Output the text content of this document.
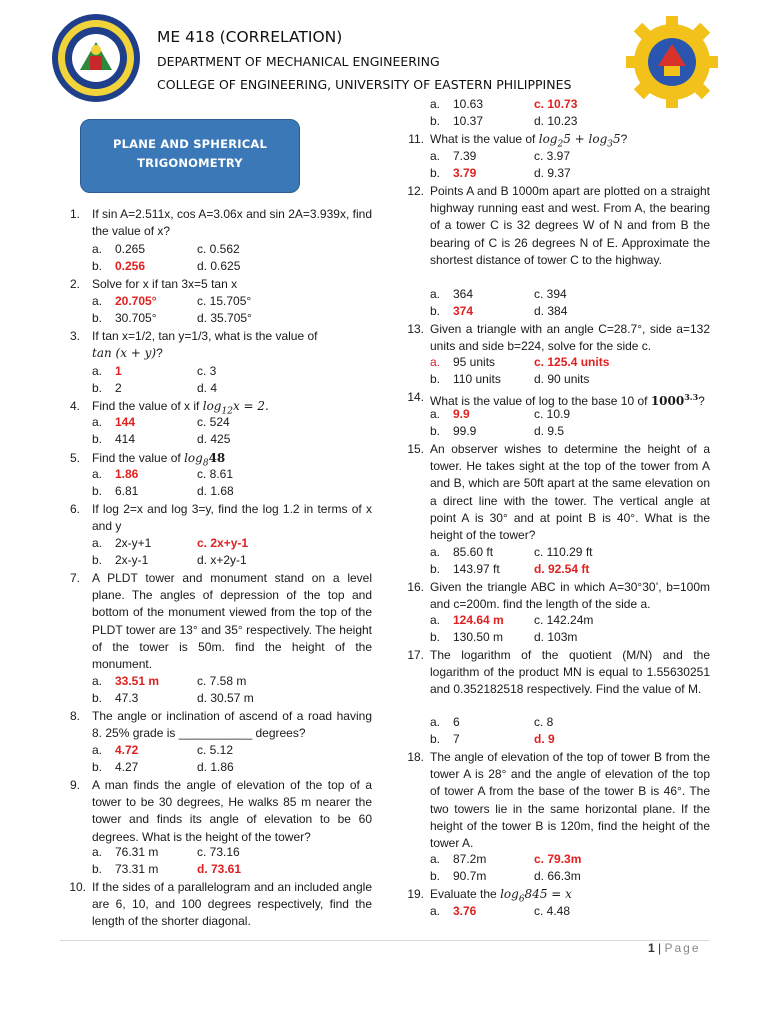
ME 418 (CORRELATION)
DEPARTMENT OF MECHANICAL ENGINEERING
COLLEGE OF ENGINEERING, UNIVERSITY OF EASTERN PHILIPPINES
PLANE AND SPHERICAL
TRIGONOMETRY
1. If sin A=2.511x, cos A=3.06x and sin 2A=3.939x, find the value of x?
a. 0.265	c. 0.562
b. 0.256	d. 0.625
2. Solve for x if tan 3x=5 tan x
a. 20.705°	c. 15.705°
b. 30.705°	d. 35.705°
3. If tan x=1/2, tan y=1/3, what is the value of
tan (x + y)?
a. 1	c. 3
b. 2	d. 4
4. Find the value of x if $\log_{12}x = 2$.
a. 144	c. 524
b. 414	d. 425
5. Find the value of $\log_848$
a. 1.86	c. 8.61
b. 6.81	d. 1.68
6. If log 2=x and log 3=y, find the log 1.2 in terms of x and y
a. 2x-y+1	c. 2x+y-1
b. 2x-y-1	d. x+2y-1
7. A PLDT tower and monument stand on a level plane. The angles of depression of the top and bottom of the monument viewed from the top of the PLDT tower are 13° and 35° respectively. The height of the tower is 50m. find the height of the monument.
a. 33.51 m	c. 7.58 m
b. 47.3	d. 30.57 m
8. The angle or inclination of ascend of a road having 8. 25% grade is ___________ degrees?
a. 4.72	c. 5.12
b. 4.27	d. 1.86
9. A man finds the angle of elevation of the top of a tower to be 30 degrees, He walks 85 m nearer the tower and finds its angle of elevation to be 60 degrees. What is the height of the tower?
a. 76.31 m	c. 73.16
b. 73.31 m	d. 73.61
10. If the sides of a parallelogram and an included angle are 6, 10, and 100 degrees respectively, find the length of the shorter diagonal.
a. 10.63	c. 10.73
b. 10.37	d. 10.23
11. What is the value of $\log_25 + \log_35$?
a. 7.39	c. 3.97
b. 3.79	d. 9.37
12. Points A and B 1000m apart are plotted on a straight highway running east and west. From A, the bearing of a tower C is 32 degrees W of N and from B the bearing of C is 26 degrees N of E. Approximate the shortest distance of tower C to the highway.
a. 364	c. 394
b. 374	d. 384
13. Given a triangle with an angle C=28.7°, side a=132 units and side b=224, solve for the side c.
a. 95 units	c. 125.4 units
b. 110 units	d. 90 units
14. What is the value of log to the base 10 of $1000^{3.3}$?
a. 9.9	c. 10.9
b. 99.9	d. 9.5
15. An observer wishes to determine the height of a tower. He takes sight at the top of the tower from A and B, which are 50ft apart at the same elevation on a direct line with the tower. The vertical angle at point A is 30° and at point B is 40°. What is the height of the tower?
a. 85.60 ft	c. 110.29 ft
b. 143.97 ft	d. 92.54 ft
16. Given the triangle ABC in which A=30°30’, b=100m and c=200m. find the length of the side a.
a. 124.64 m	c. 142.24m
b. 130.50 m	d. 103m
17. The logarithm of the quotient (M/N) and the logarithm of the product MN is equal to 1.55630251 and 0.352182518 respectively. Find the value of M.
a. 6	c. 8
b. 7	d. 9
18. The angle of elevation of the top of tower B from the tower A is 28° and the angle of elevation of the top of tower A from the base of the tower B is 46°. The two towers lie in the same horizontal plane. If the height of the tower B is 120m, find the height of the tower A.
a. 87.2m	c. 79.3m
b. 90.7m	d. 66.3m
19. Evaluate the $\log_6845 = x$
a. 3.76	c. 4.48
1 | Page
